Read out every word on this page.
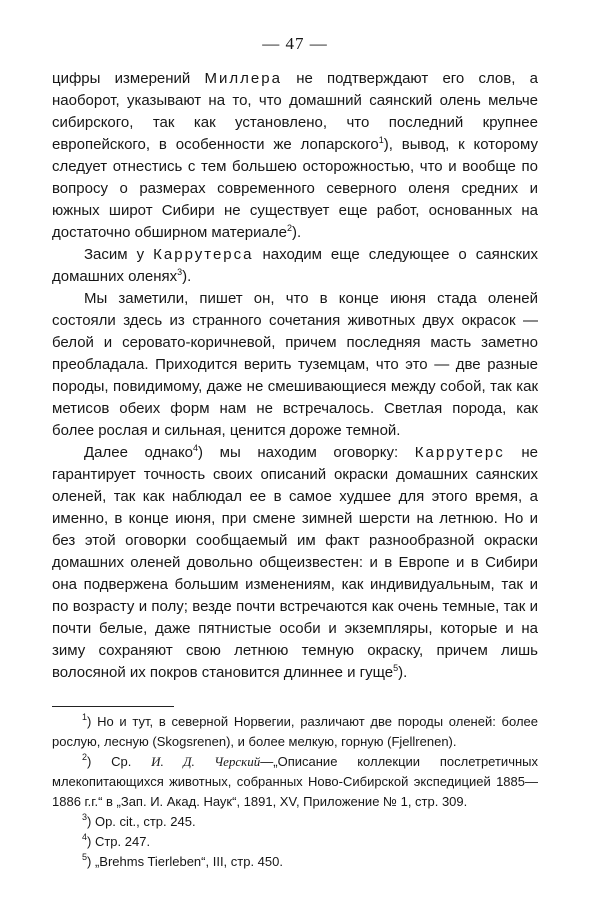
— 47 —

цифры измерений Миллера не подтверждают его слов, а наоборот, указывают на то, что домашний саянский олень мельче сибирского, так как установлено, что последний крупнее европейского, в особенности же лопарского$^1$), вывод, к которому следует отнестись с тем большею осторожностью, что и вообще по вопросу о размерах современного северного оленя средних и южных широт Сибири не существует еще работ, основанных на достаточно обширном материале$^2$).

Засим у Каррутерса находим еще следующее о саянских домашних оленях$^3$).

Мы заметили, пишет он, что в конце июня стада оленей состояли здесь из странного сочетания животных двух окрасок — белой и серовато-коричневой, причем последняя масть заметно преобладала. Приходится верить туземцам, что это — две разные породы, повидимому, даже не смешивающиеся между собой, так как метисов обеих форм нам не встречалось. Светлая порода, как более рослая и сильная, ценится дороже темной.

Далее однако$^4$) мы находим оговорку: Каррутерс не гарантирует точность своих описаний окраски домашних саянских оленей, так как наблюдал ее в самое худшее для этого время, а именно, в конце июня, при смене зимней шерсти на летнюю. Но и без этой оговорки сообщаемый им факт разнообразной окраски домашних оленей довольно общеизвестен: и в Европе и в Сибири она подвержена большим изменениям, как индивидуальным, так и по возрасту и полу; везде почти встречаются как очень темные, так и почти белые, даже пятнистые особи и экземпляры, которые и на зиму сохраняют свою летнюю темную окраску, причем лишь волосяной их покров становится длиннее и гуще$^5$).

$^1$) Но и тут, в северной Норвегии, различают две породы оленей: более рослую, лесную (Skogsrenen), и более мелкую, горную (Fjellrenen).

$^2$) Ср. И. Д. Черский—„Описание коллекции послетретичных млекопитающихся животных, собранных Ново-Сибирской экспедицией 1885—1886 г.г.“ в „Зап. И. Акад. Наук“, 1891, XV, Приложение № 1, стр. 309.

$^3$) Op. cit., стр. 245.

$^4$) Стр. 247.

$^5$) „Brehms Tierleben“, III, стр. 450.
